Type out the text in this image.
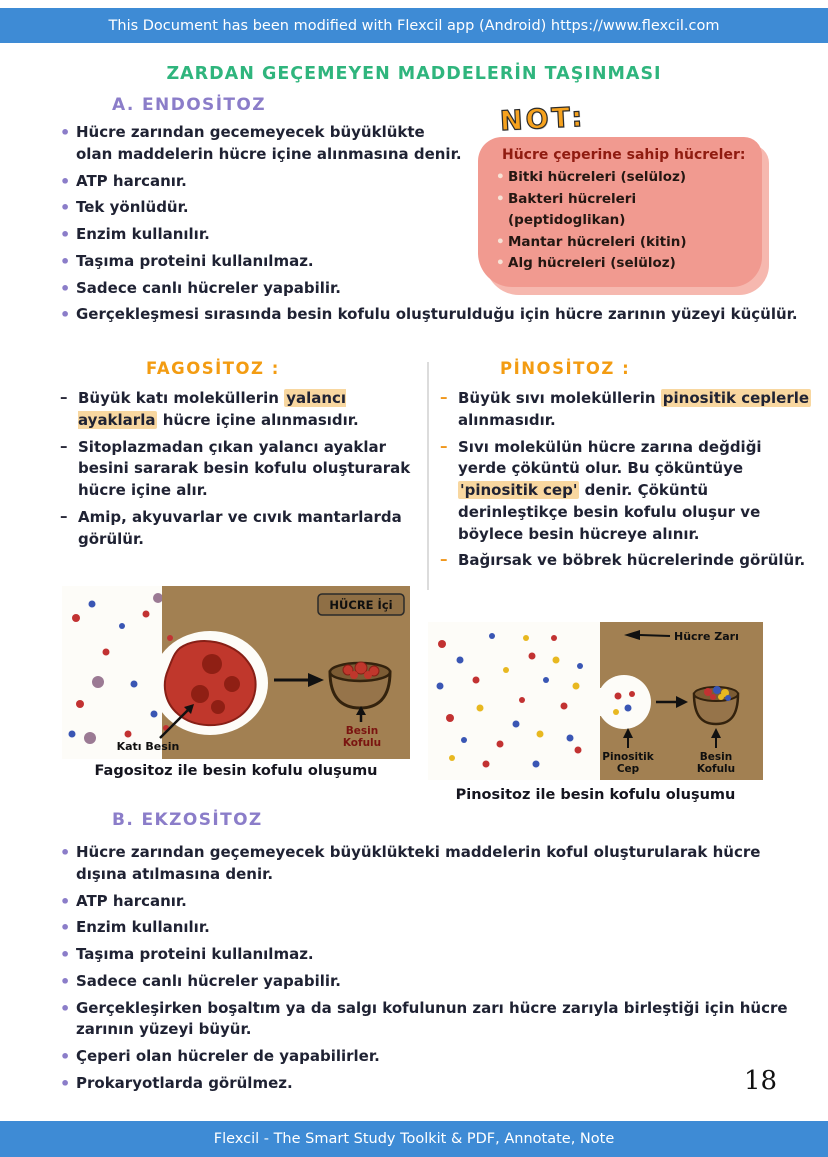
This Document has been modified with Flexcil app (Android) https://www.flexcil.com
ZARDAN GEÇEMEYEN MADDELERİN TAŞINMASI
A. ENDOSİTOZ
• Hücre zarından gecemeyecek büyüklükte olan maddelerin hücre içine alınmasına denir.
• ATP harcanır.
• Tek yönlüdür.
• Enzim kullanılır.
• Taşıma proteini kullanılmaz.
• Sadece canlı hücreler yapabilir.
• Gerçekleşmesi sırasında besin kofulu oluşturulduğu için hücre zarının yüzeyi küçülür.
NOT:
Hücre çeperine sahip hücreler:
• Bitki hücreleri (selüloz)
• Bakteri hücreleri (peptidoglikan)
• Mantar hücreleri (kitin)
• Alg hücreleri (selüloz)
FAGOSİTOZ :	PİNOSİTOZ :
– Büyük katı moleküllerin yalancı ayaklarla hücre içine alınmasıdır.
– Sitoplazmadan çıkan yalancı ayaklar besini sararak besin kofulu oluşturarak hücre içine alır.
– Amip, akyuvarlar ve cıvık mantarlarda görülür.
– Büyük sıvı moleküllerin pinositik ceplerle alınmasıdır.
– Sıvı molekülün hücre zarına değdiği yerde çöküntü olur. Bu çöküntüye 'pinositik cep' denir. Çöküntü derinleştikçe besin kofulu oluşur ve böylece besin hücreye alınır.
– Bağırsak ve böbrek hücrelerinde görülür.
HÜCRE İçi
Katı Besin
Besin
Kofulu
Fagositoz ile besin kofulu oluşumu
Hücre Zarı
Pinositik
Cep
Besin
Kofulu
Pinositoz ile besin kofulu oluşumu
B. EKZOSİTOZ
• Hücre zarından geçemeyecek büyüklükteki maddelerin koful oluşturularak hücre dışına atılmasına denir.
• ATP harcanır.
• Enzim kullanılır.
• Taşıma proteini kullanılmaz.
• Sadece canlı hücreler yapabilir.
• Gerçekleşirken boşaltım ya da salgı kofulunun zarı hücre zarıyla birleştiği için hücre zarının yüzeyi büyür.
• Çeperi olan hücreler de yapabilirler.
• Prokaryotlarda görülmez.	18
Flexcil - The Smart Study Toolkit & PDF, Annotate, Note
